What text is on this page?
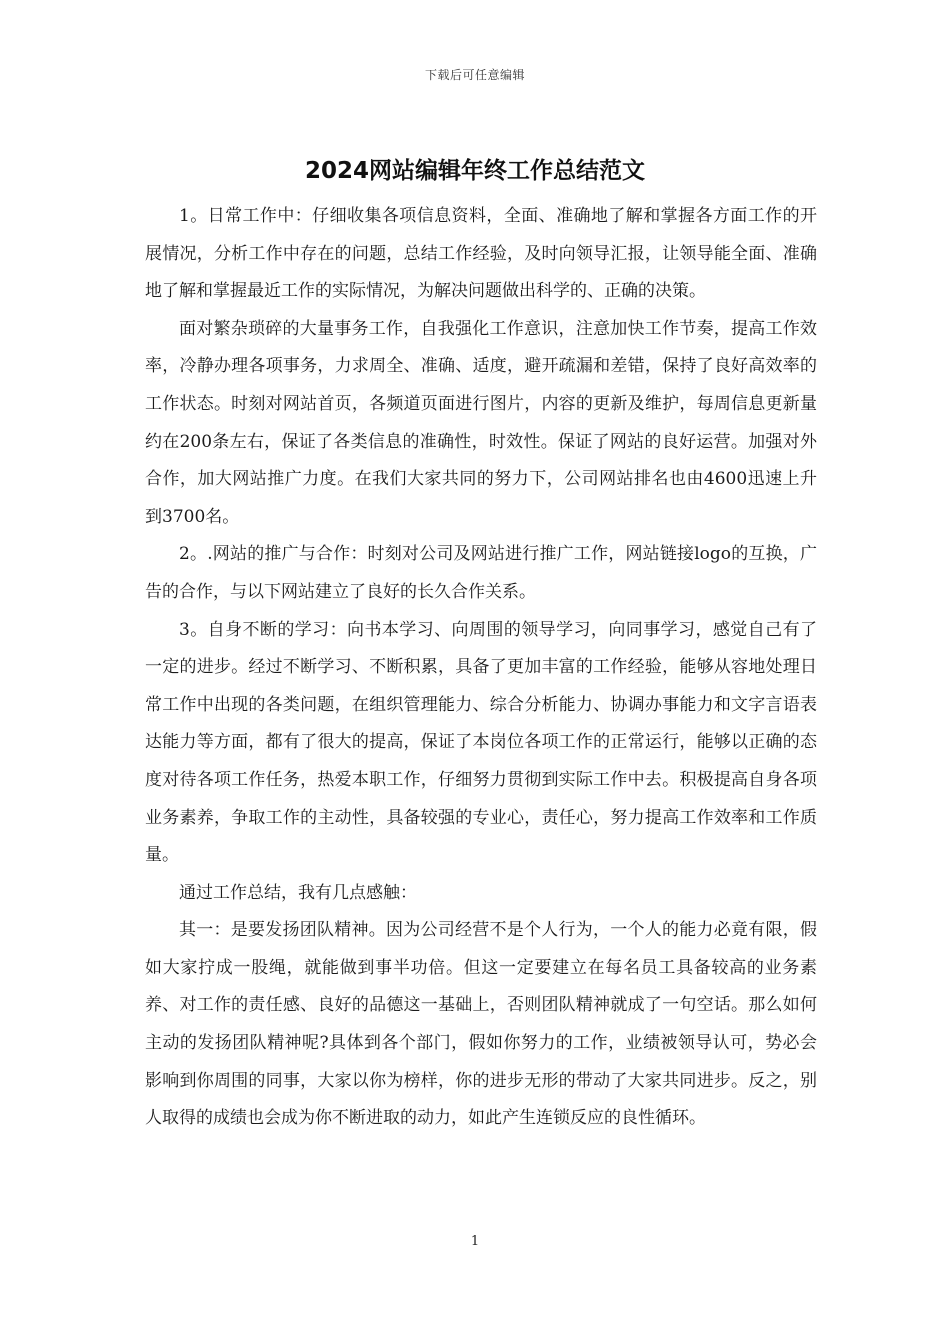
下载后可任意编辑
2024网站编辑年终工作总结范文

1。日常工作中：仔细收集各项信息资料，全面、准确地了解和掌握各方面工作的开展情况，分析工作中存在的问题，总结工作经验，及时向领导汇报，让领导能全面、准确地了解和掌握最近工作的实际情况，为解决问题做出科学的、正确的决策。

面对繁杂琐碎的大量事务工作，自我强化工作意识，注意加快工作节奏，提高工作效率，冷静办理各项事务，力求周全、准确、适度，避开疏漏和差错，保持了良好高效率的工作状态。时刻对网站首页，各频道页面进行图片，内容的更新及维护，每周信息更新量约在200条左右，保证了各类信息的准确性，时效性。保证了网站的良好运营。加强对外合作，加大网站推广力度。在我们大家共同的努力下，公司网站排名也由4600迅速上升到3700名。

2。.网站的推广与合作：时刻对公司及网站进行推广工作，网站链接logo的互换，广告的合作，与以下网站建立了良好的长久合作关系。

3。自身不断的学习：向书本学习、向周围的领导学习，向同事学习，感觉自己有了一定的进步。经过不断学习、不断积累，具备了更加丰富的工作经验，能够从容地处理日常工作中出现的各类问题，在组织管理能力、综合分析能力、协调办事能力和文字言语表达能力等方面，都有了很大的提高，保证了本岗位各项工作的正常运行，能够以正确的态度对待各项工作任务，热爱本职工作，仔细努力贯彻到实际工作中去。积极提高自身各项业务素养，争取工作的主动性，具备较强的专业心，责任心，努力提高工作效率和工作质量。

通过工作总结，我有几点感触：

其一：是要发扬团队精神。因为公司经营不是个人行为，一个人的能力必竟有限，假如大家拧成一股绳，就能做到事半功倍。但这一定要建立在每名员工具备较高的业务素养、对工作的责任感、良好的品德这一基础上，否则团队精神就成了一句空话。那么如何主动的发扬团队精神呢?具体到各个部门，假如你努力的工作，业绩被领导认可，势必会影响到你周围的同事，大家以你为榜样，你的进步无形的带动了大家共同进步。反之，别人取得的成绩也会成为你不断进取的动力，如此产生连锁反应的良性循环。

1
